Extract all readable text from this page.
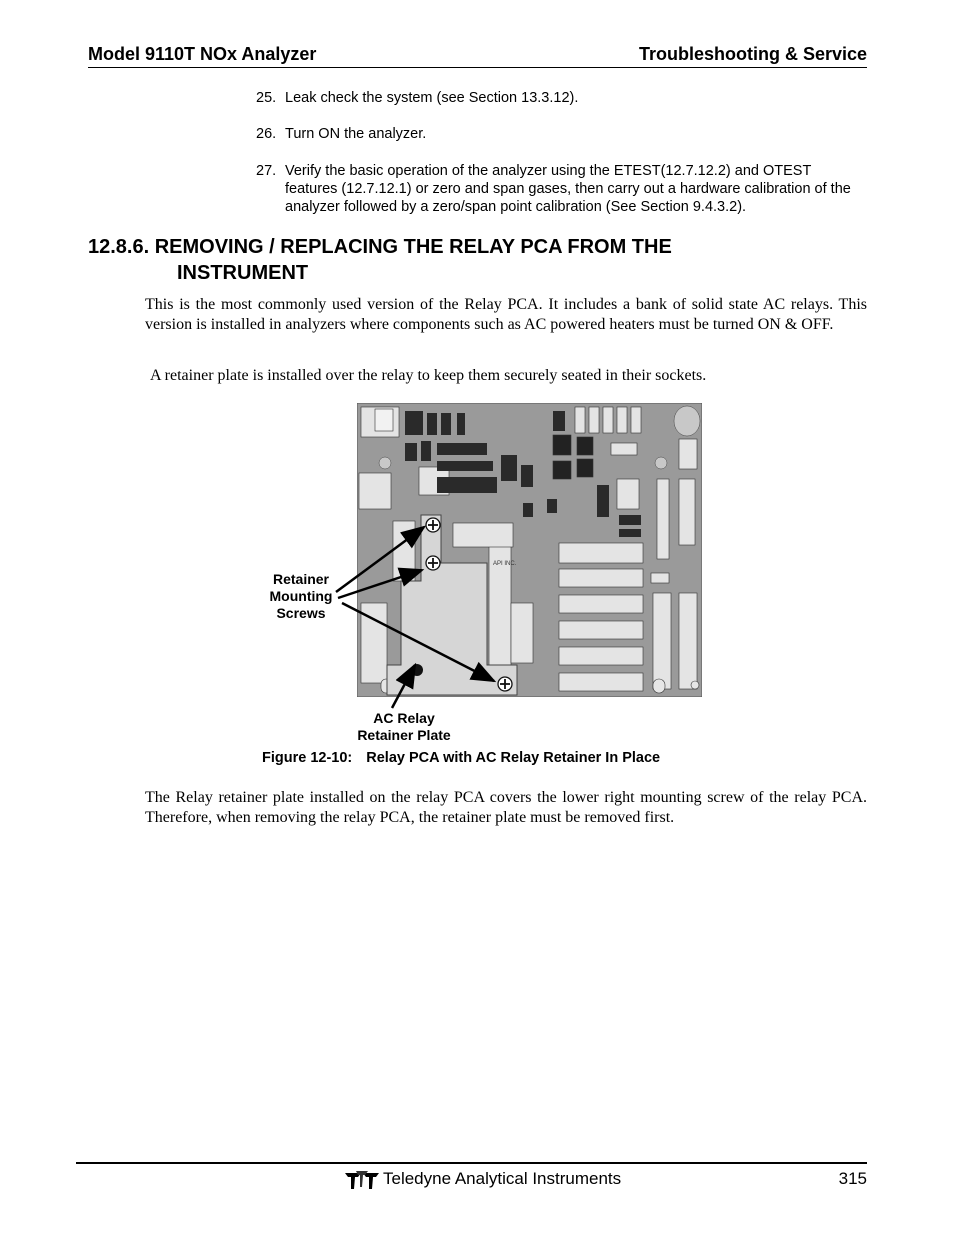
Model 9110T NOx Analyzer	Troubleshooting & Service
25. Leak check the system (see Section 13.3.12).
26. Turn ON the analyzer.
27. Verify the basic operation of the analyzer using the ETEST(12.7.12.2) and OTEST features (12.7.12.1) or zero and span gases, then carry out a hardware calibration of the analyzer followed by a zero/span point calibration (See Section 9.4.3.2).
12.8.6. REMOVING / REPLACING THE RELAY PCA FROM THE
INSTRUMENT
This is the most commonly used version of the Relay PCA. It includes a bank of solid state AC relays. This version is installed in analyzers where components such as AC powered heaters must be turned ON & OFF.
A retainer plate is installed over the relay to keep them securely seated in their sockets.
API INC.
Retainer
Mounting
Screws
AC Relay
Retainer Plate
Figure 12-10: Relay PCA with AC Relay Retainer In Place
The Relay retainer plate installed on the relay PCA covers the lower right mounting screw of the relay PCA. Therefore, when removing the relay PCA, the retainer plate must be removed first.
Teledyne Analytical Instruments	315
